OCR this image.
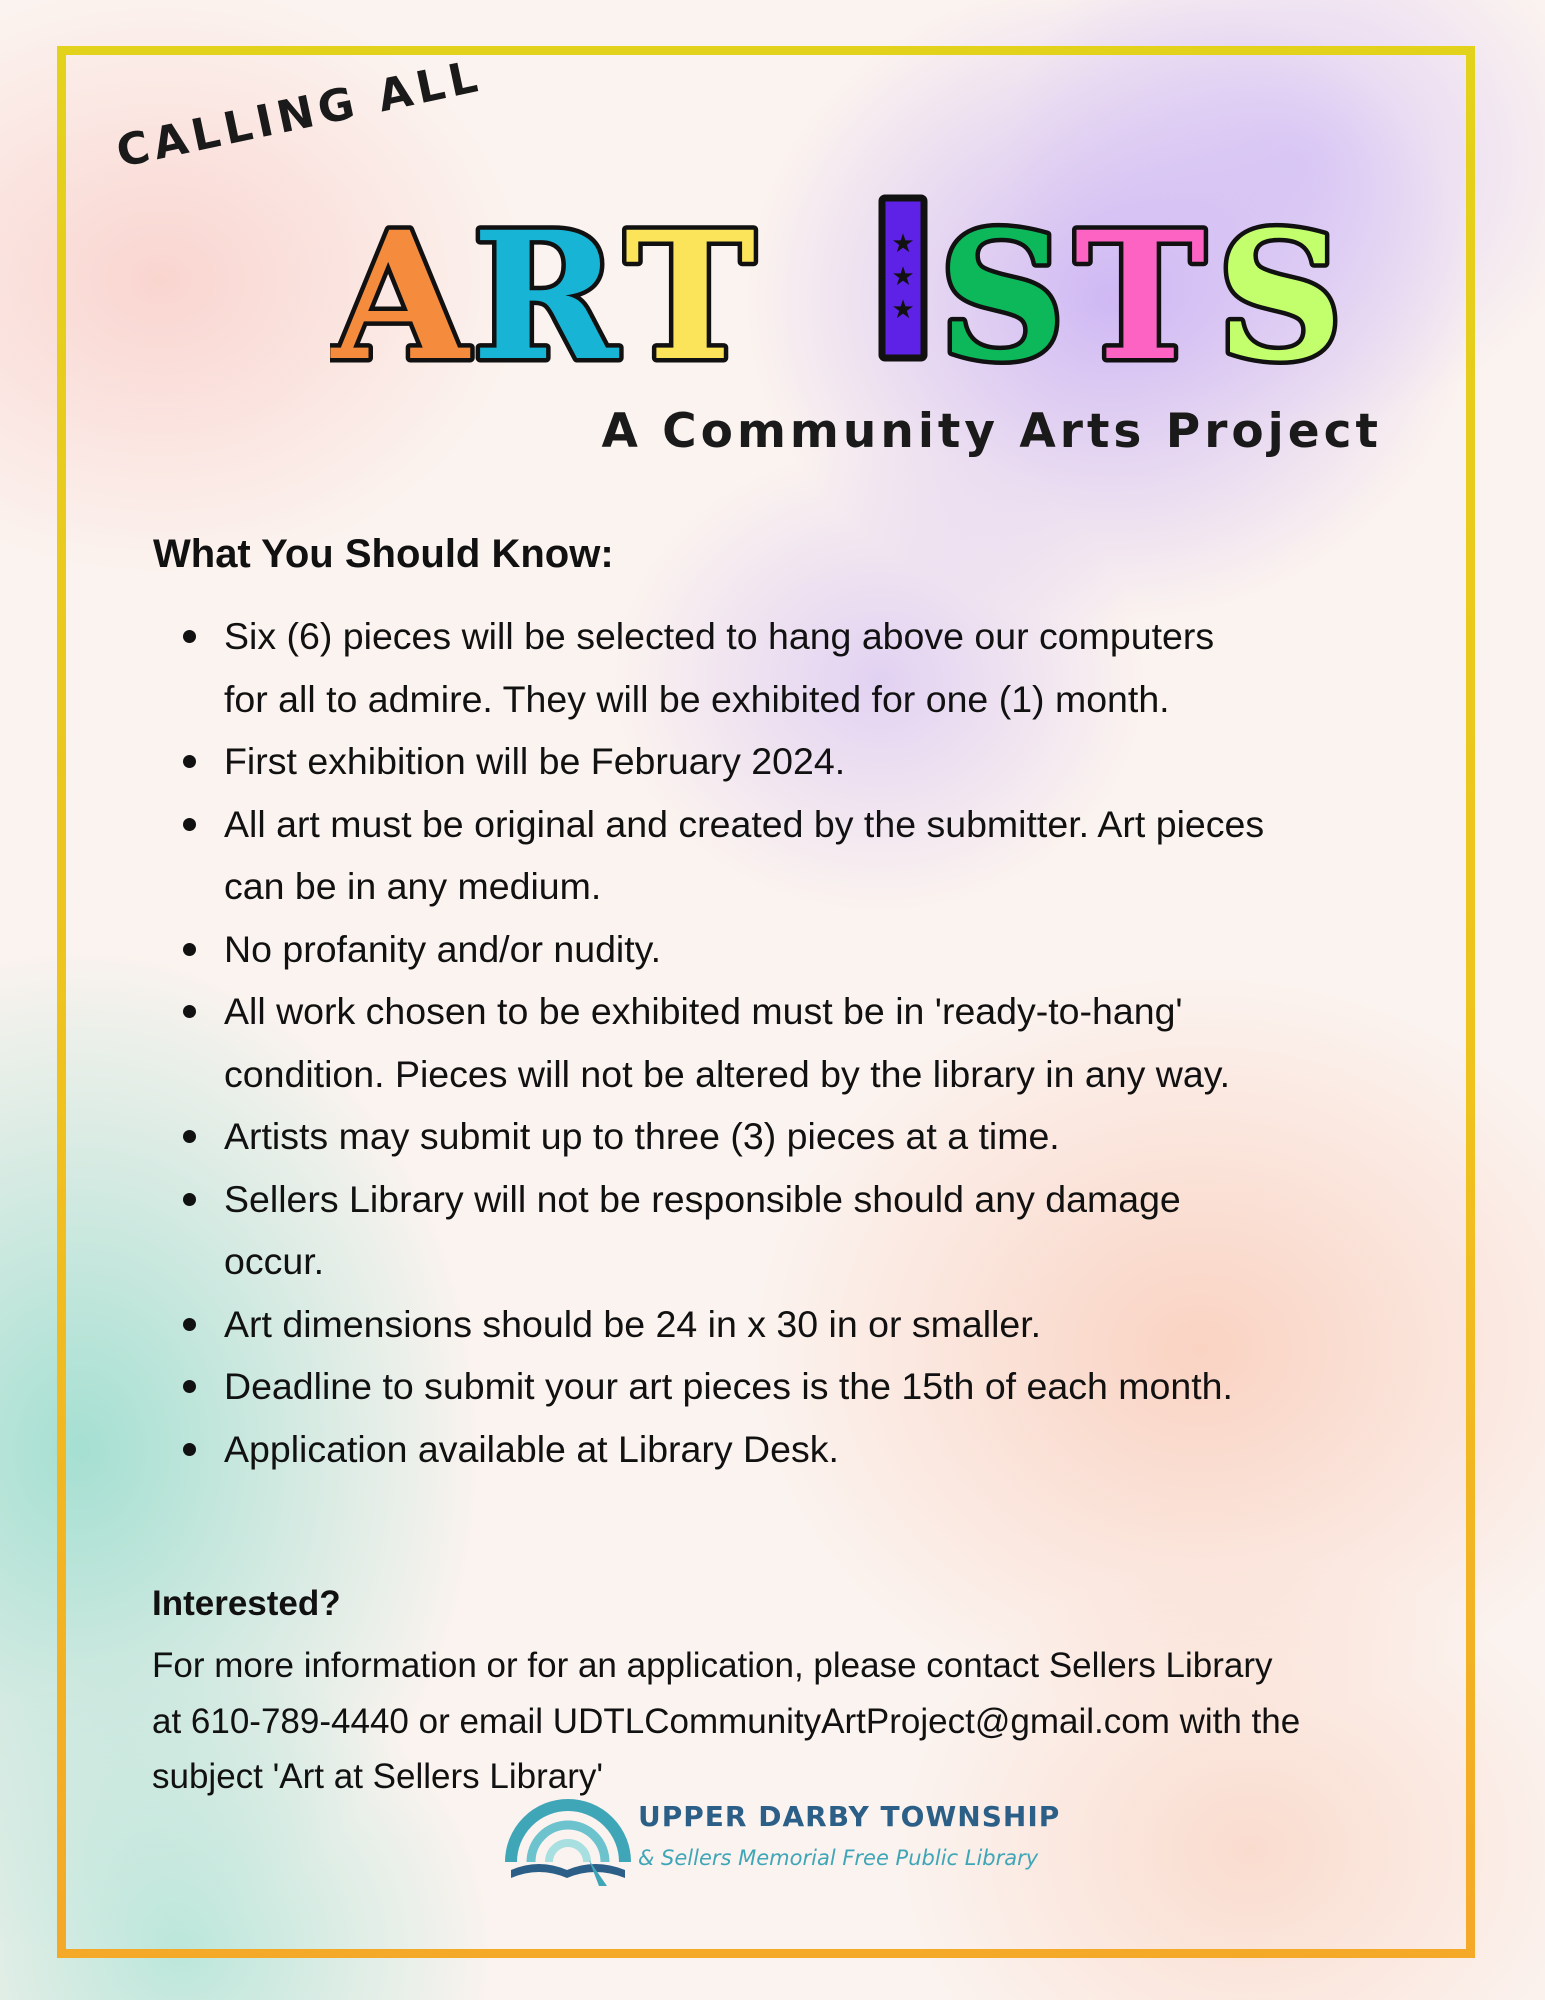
CALLING ALL
A R T	★
★
★ S T S
A Community Arts Project
What You Should Know:
Six (6) pieces will be selected to hang above our computers
for all to admire. They will be exhibited for one (1) month.
First exhibition will be February 2024.
All art must be original and created by the submitter. Art pieces
can be in any medium.
No profanity and/or nudity.
All work chosen to be exhibited must be in 'ready-to-hang'
condition. Pieces will not be altered by the library in any way.
Artists may submit up to three (3) pieces at a time.
Sellers Library will not be responsible should any damage
occur.
Art dimensions should be 24 in x 30 in or smaller.
Deadline to submit your art pieces is the 15th of each month.
Application available at Library Desk.
Interested?
For more information or for an application, please contact Sellers Library
at 610-789-4440 or email UDTLCommunityArtProject@gmail.com with the
subject 'Art at Sellers Library'
UPPER DARBY TOWNSHIP
& Sellers Memorial Free Public Library
